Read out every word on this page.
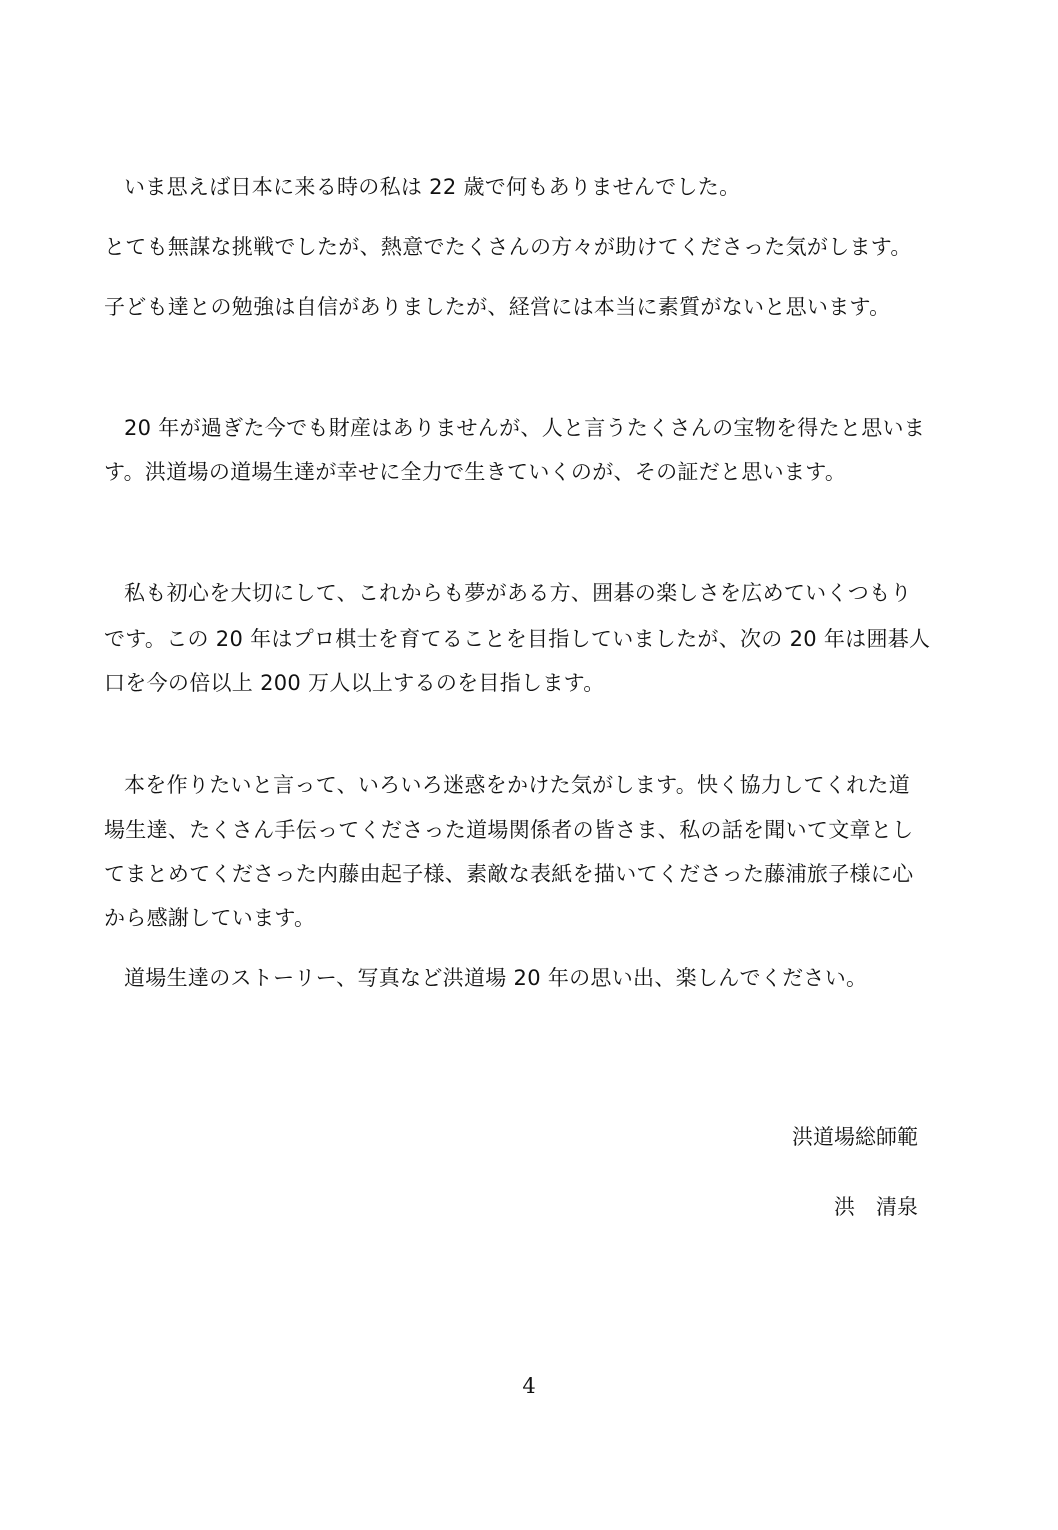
いま思えば日本に来る時の私は 22 歳で何もありませんでした。
とても無謀な挑戦でしたが、熱意でたくさんの方々が助けてくださった気がします。
子ども達との勉強は自信がありましたが、経営には本当に素質がないと思います。
20 年が過ぎた今でも財産はありませんが、人と言うたくさんの宝物を得たと思いま
す。洪道場の道場生達が幸せに全力で生きていくのが、その証だと思います。
私も初心を大切にして、これからも夢がある方、囲碁の楽しさを広めていくつもり
です。この 20 年はプロ棋士を育てることを目指していましたが、次の 20 年は囲碁人
口を今の倍以上 200 万人以上するのを目指します。
本を作りたいと言って、いろいろ迷惑をかけた気がします。快く協力してくれた道
場生達、たくさん手伝ってくださった道場関係者の皆さま、私の話を聞いて文章とし
てまとめてくださった内藤由起子様、素敵な表紙を描いてくださった藤浦旅子様に心
から感謝しています。
道場生達のストーリー、写真など洪道場 20 年の思い出、楽しんでください。
洪道場総師範
洪　清泉
4
